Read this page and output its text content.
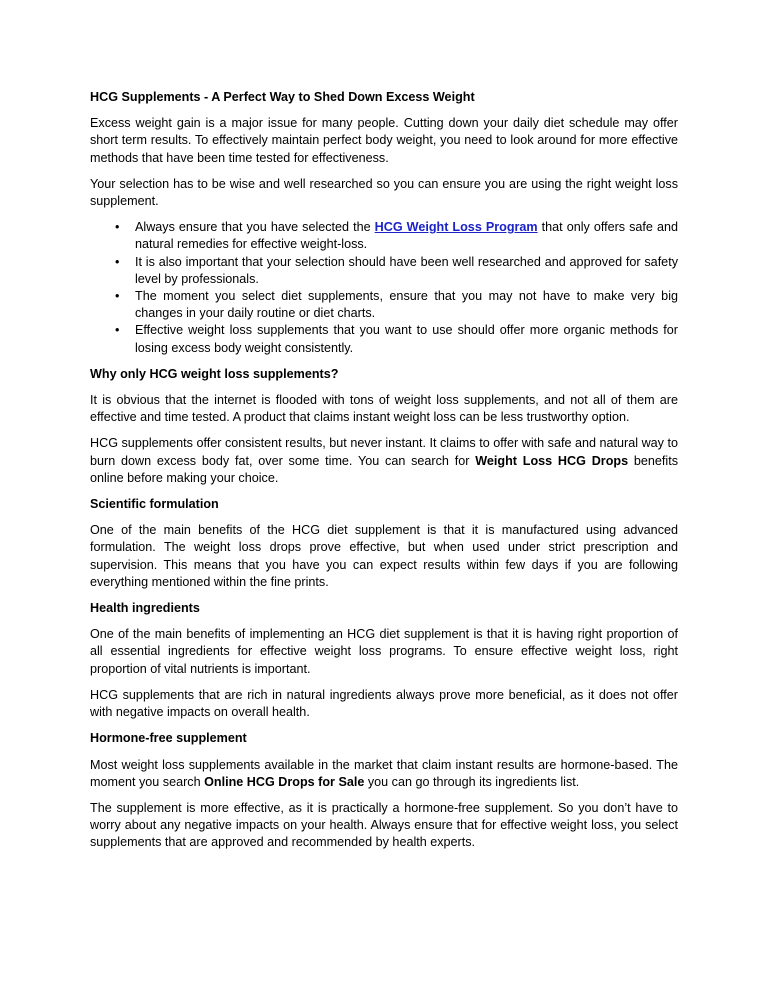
HCG Supplements - A Perfect Way to Shed Down Excess Weight

Excess weight gain is a major issue for many people. Cutting down your daily diet schedule may offer short term results. To effectively maintain perfect body weight, you need to look around for more effective methods that have been time tested for effectiveness.

Your selection has to be wise and well researched so you can ensure you are using the right weight loss supplement.

• Always ensure that you have selected the HCG Weight Loss Program that only offers safe and natural remedies for effective weight-loss.
• It is also important that your selection should have been well researched and approved for safety level by professionals.
• The moment you select diet supplements, ensure that you may not have to make very big changes in your daily routine or diet charts.
• Effective weight loss supplements that you want to use should offer more organic methods for losing excess body weight consistently.
Why only HCG weight loss supplements?

It is obvious that the internet is flooded with tons of weight loss supplements, and not all of them are effective and time tested. A product that claims instant weight loss can be less trustworthy option.

HCG supplements offer consistent results, but never instant. It claims to offer with safe and natural way to burn down excess body fat, over some time. You can search for Weight Loss HCG Drops benefits online before making your choice.

Scientific formulation

One of the main benefits of the HCG diet supplement is that it is manufactured using advanced formulation. The weight loss drops prove effective, but when used under strict prescription and supervision. This means that you have you can expect results within few days if you are following everything mentioned within the fine prints.

Health ingredients

One of the main benefits of implementing an HCG diet supplement is that it is having right proportion of all essential ingredients for effective weight loss programs. To ensure effective weight loss, right proportion of vital nutrients is important.

HCG supplements that are rich in natural ingredients always prove more beneficial, as it does not offer with negative impacts on overall health.

Hormone-free supplement

Most weight loss supplements available in the market that claim instant results are hormone-based. The moment you search Online HCG Drops for Sale you can go through its ingredients list.

The supplement is more effective, as it is practically a hormone-free supplement. So you don’t have to worry about any negative impacts on your health. Always ensure that for effective weight loss, you select supplements that are approved and recommended by health experts.
